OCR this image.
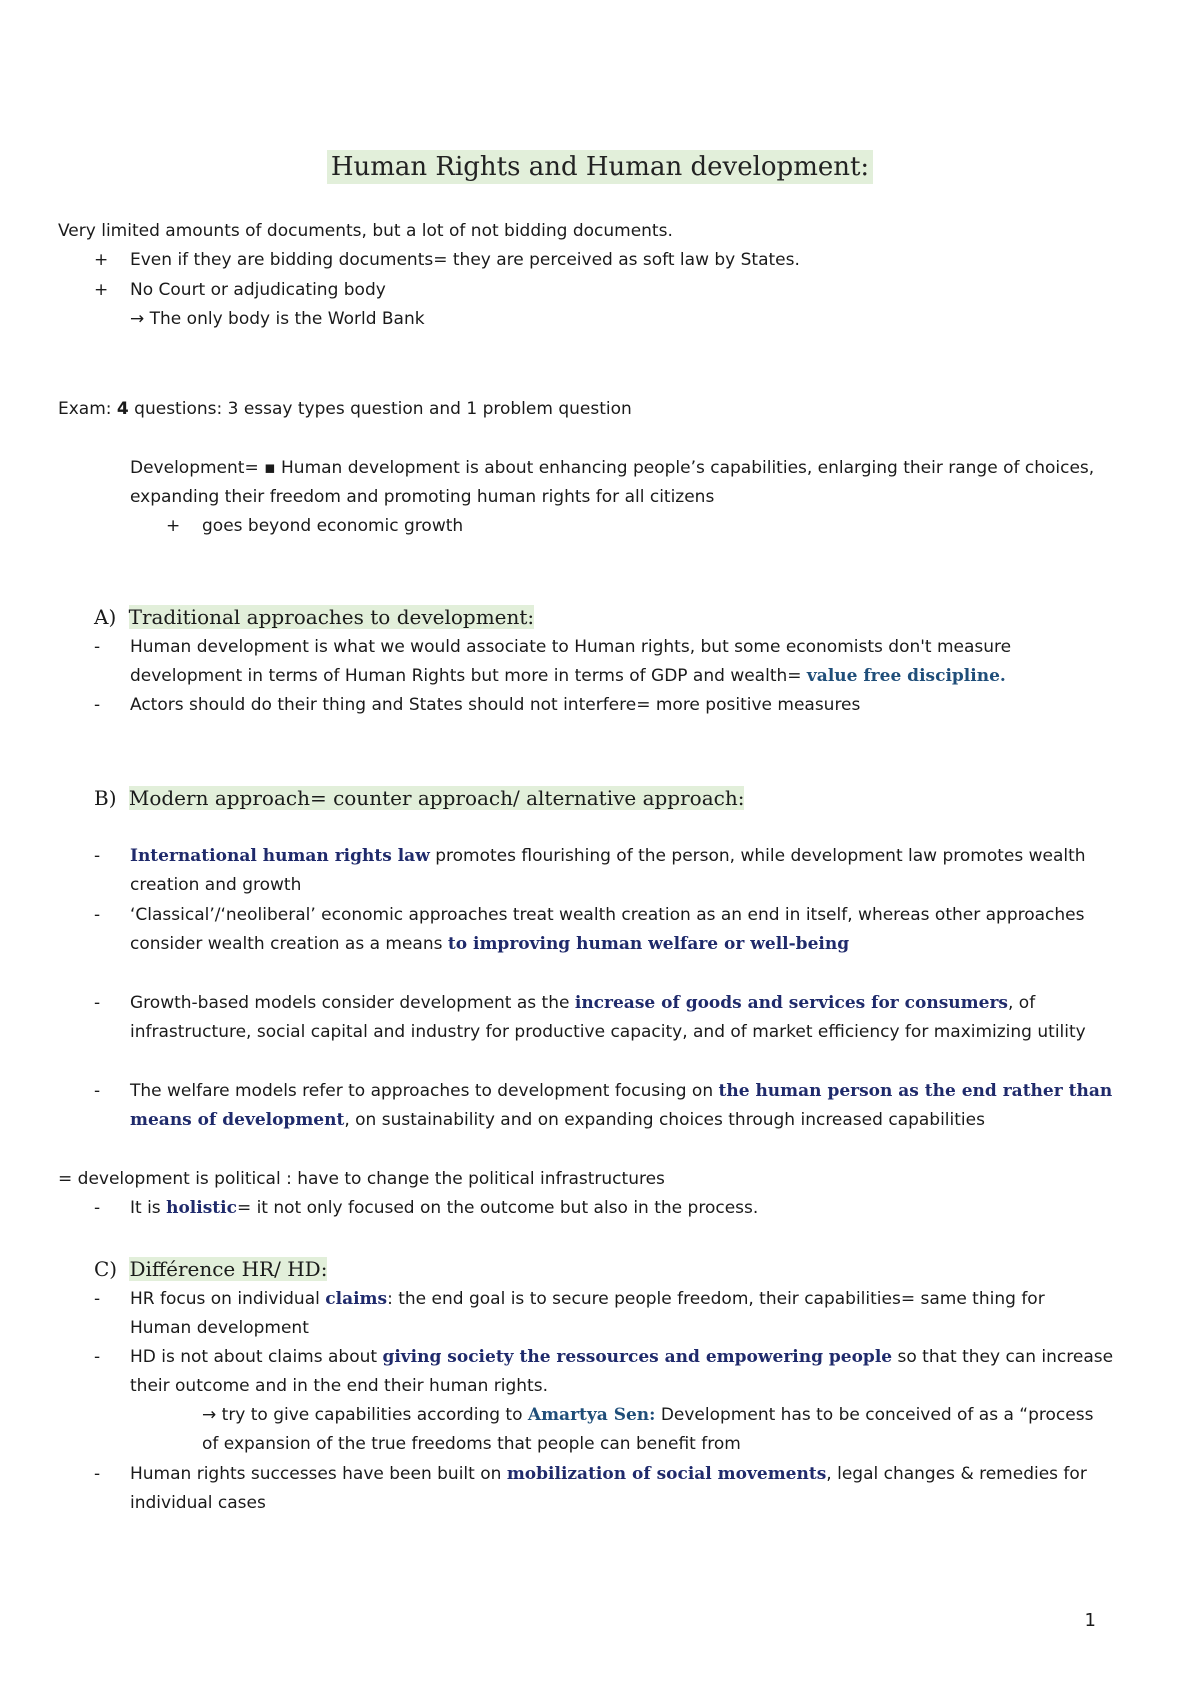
Human Rights and Human development:
Very limited amounts of documents, but a lot of not bidding documents.
+ Even if they are bidding documents= they are perceived as soft law by States.
+ No Court or adjudicating body
→ The only body is the World Bank
Exam: 4 questions: 3 essay types question and 1 problem question
Development= ▪ Human development is about enhancing people’s capabilities, enlarging their range of choices,
expanding their freedom and promoting human rights for all citizens
+ goes beyond economic growth
A) Traditional approaches to development:
- Human development is what we would associate to Human rights, but some economists don't measure
development in terms of Human Rights but more in terms of GDP and wealth= value free discipline.
- Actors should do their thing and States should not interfere= more positive measures
B) Modern approach= counter approach/ alternative approach:
- International human rights law promotes flourishing of the person, while development law promotes wealth
creation and growth
- ‘Classical’/‘neoliberal’ economic approaches treat wealth creation as an end in itself, whereas other approaches
consider wealth creation as a means to improving human welfare or well-being
- Growth-based models consider development as the increase of goods and services for consumers, of
infrastructure, social capital and industry for productive capacity, and of market efficiency for maximizing utility
- The welfare models refer to approaches to development focusing on the human person as the end rather than
means of development, on sustainability and on expanding choices through increased capabilities
= development is political : have to change the political infrastructures
- It is holistic= it not only focused on the outcome but also in the process.
C) Différence HR/ HD:
- HR focus on individual claims: the end goal is to secure people freedom, their capabilities= same thing for
Human development
- HD is not about claims about giving society the ressources and empowering people so that they can increase
their outcome and in the end their human rights.
→ try to give capabilities according to Amartya Sen: Development has to be conceived of as a “process
of expansion of the true freedoms that people can benefit from
- Human rights successes have been built on mobilization of social movements, legal changes & remedies for
individual cases
1
